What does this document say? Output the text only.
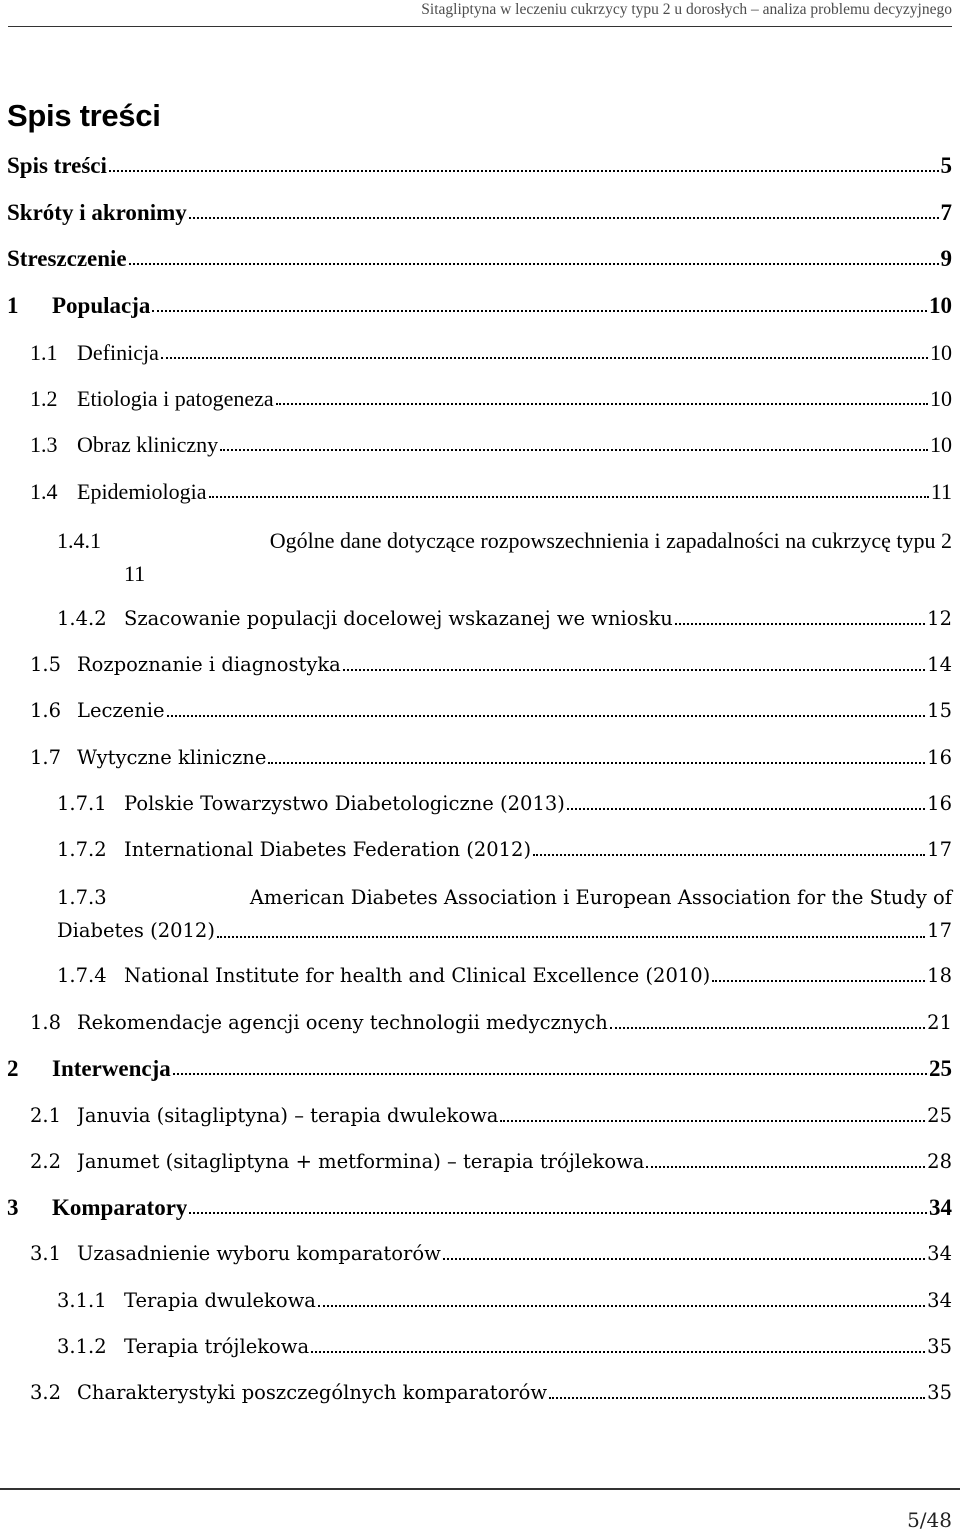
Sitagliptyna w leczeniu cukrzycy typu 2 u dorosłych – analiza problemu decyzyjnego
Spis treści
Spis treści	5
Skróty i akronimy	7
Streszczenie	9
1	Populacja	10
1.1 Definicja	10
1.2 Etiologia i patogeneza	10
1.3 Obraz kliniczny	10
1.4 Epidemiologia	11
1.4.1	Ogólne dane dotyczące rozpowszechnienia i zapadalności na cukrzycę typu 2
11
1.4.2 Szacowanie populacji docelowej wskazanej we wniosku	12
1.5 Rozpoznanie i diagnostyka	14
1.6 Leczenie	15
1.7 Wytyczne kliniczne	16
1.7.1 Polskie Towarzystwo Diabetologiczne (2013)	16
1.7.2 International Diabetes Federation (2012)	17
1.7.3	American Diabetes Association i European Association for the Study of
Diabetes (2012)	17
1.7.4 National Institute for health and Clinical Excellence (2010)	18
1.8 Rekomendacje agencji oceny technologii medycznych	21
2	Interwencja	25
2.1 Januvia (sitagliptyna) – terapia dwulekowa	25
2.2 Janumet (sitagliptyna + metformina) – terapia trójlekowa	28
3	Komparatory	34
3.1 Uzasadnienie wyboru komparatorów	34
3.1.1 Terapia dwulekowa	34
3.1.2 Terapia trójlekowa	35
3.2 Charakterystyki poszczególnych komparatorów	35
5/48
